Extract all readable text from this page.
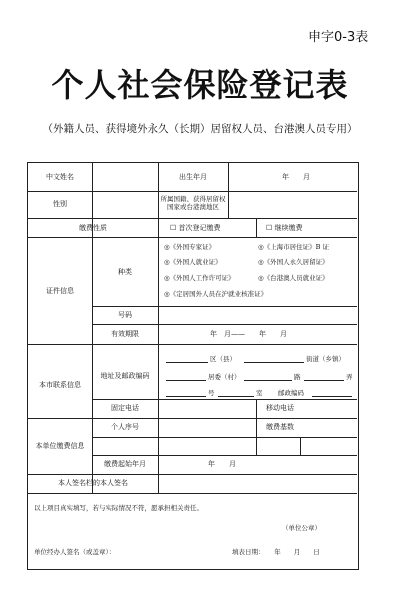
申字0-3表
个人社会保险登记表
（外籍人员、获得境外永久（长期）居留权人员、台港澳人员专用）
中文姓名	出生年月	年　　月
性别
所属国籍、获得居留权国家或台港澳地区
缴费性质	☐ 首次登记缴费	☐ 继续缴费
证件信息
种类
◎《外国专家证》	◎《上海市居住证》B 证
◎《外国人就业证》	◎《外国人永久居留证》
◎《外国人工作许可证》	◎《台港澳人员就业证》
◎《定居国外人员在沪就业核准证》
号码
有效期限	年　月——　　年　　月
本市联系信息
地址及邮政编码
区（县）	街道（乡镇）
居委（村）	路	弄
号	室 邮政编码
固定电话	移动电话
本单位缴费信息
个人序号	缴费基数
缴费起始年月	年　　月
本人签名栏的本人签名
以上项目真实填写，若与实际情况不符，愿承担相关责任。
（单位公章）
单位经办人签名（或盖章）：	填表日期：　　年　　月　　日
